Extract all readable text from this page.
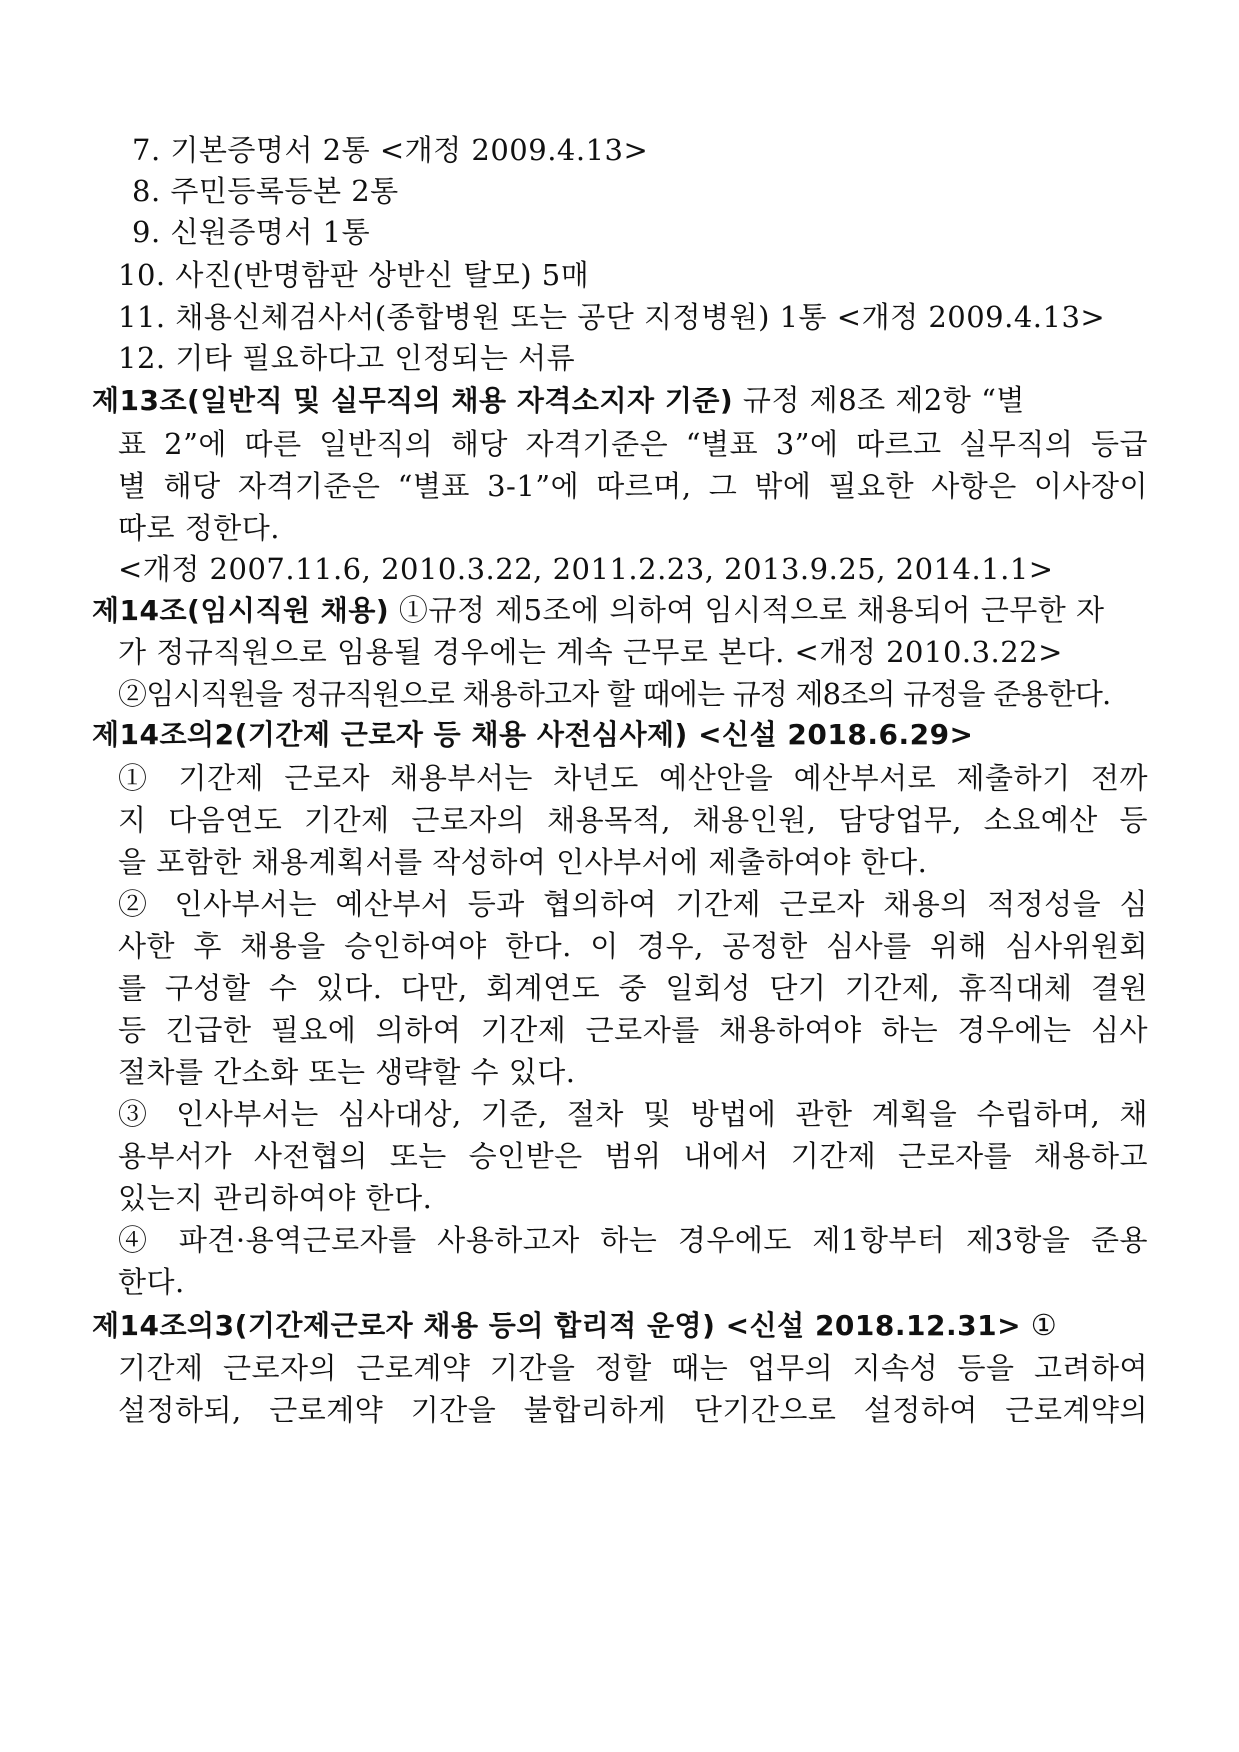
7. 기본증명서 2통 <개정 2009.4.13>
8. 주민등록등본 2통
9. 신원증명서 1통
10. 사진(반명함판 상반신 탈모) 5매
11. 채용신체검사서(종합병원 또는 공단 지정병원) 1통 <개정 2009.4.13>
12. 기타 필요하다고 인정되는 서류
제13조(일반직 및 실무직의 채용 자격소지자 기준) 규정 제8조 제2항 “별
표 2”에 따른 일반직의 해당 자격기준은 “별표 3”에 따르고 실무직의 등급
별 해당 자격기준은 “별표 3-1”에 따르며, 그 밖에 필요한 사항은 이사장이
따로 정한다.
<개정 2007.11.6, 2010.3.22, 2011.2.23, 2013.9.25, 2014.1.1>
제14조(임시직원 채용) ①규정 제5조에 의하여 임시적으로 채용되어 근무한 자
가 정규직원으로 임용될 경우에는 계속 근무로 본다. <개정 2010.3.22>
②임시직원을 정규직원으로 채용하고자 할 때에는 규정 제8조의 규정을 준용한다.
제14조의2(기간제 근로자 등 채용 사전심사제) <신설 2018.6.29>
① 기간제 근로자 채용부서는 차년도 예산안을 예산부서로 제출하기 전까
지 다음연도 기간제 근로자의 채용목적, 채용인원, 담당업무, 소요예산 등
을 포함한 채용계획서를 작성하여 인사부서에 제출하여야 한다.
② 인사부서는 예산부서 등과 협의하여 기간제 근로자 채용의 적정성을 심
사한 후 채용을 승인하여야 한다. 이 경우, 공정한 심사를 위해 심사위원회
를 구성할 수 있다. 다만, 회계연도 중 일회성 단기 기간제, 휴직대체 결원
등 긴급한 필요에 의하여 기간제 근로자를 채용하여야 하는 경우에는 심사
절차를 간소화 또는 생략할 수 있다.
③ 인사부서는 심사대상, 기준, 절차 및 방법에 관한 계획을 수립하며, 채
용부서가 사전협의 또는 승인받은 범위 내에서 기간제 근로자를 채용하고
있는지 관리하여야 한다.
④ 파견·용역근로자를 사용하고자 하는 경우에도 제1항부터 제3항을 준용
한다.
제14조의3(기간제근로자 채용 등의 합리적 운영) <신설 2018.12.31> ①
기간제 근로자의 근로계약 기간을 정할 때는 업무의 지속성 등을 고려하여
설정하되, 근로계약 기간을 불합리하게 단기간으로 설정하여 근로계약의
